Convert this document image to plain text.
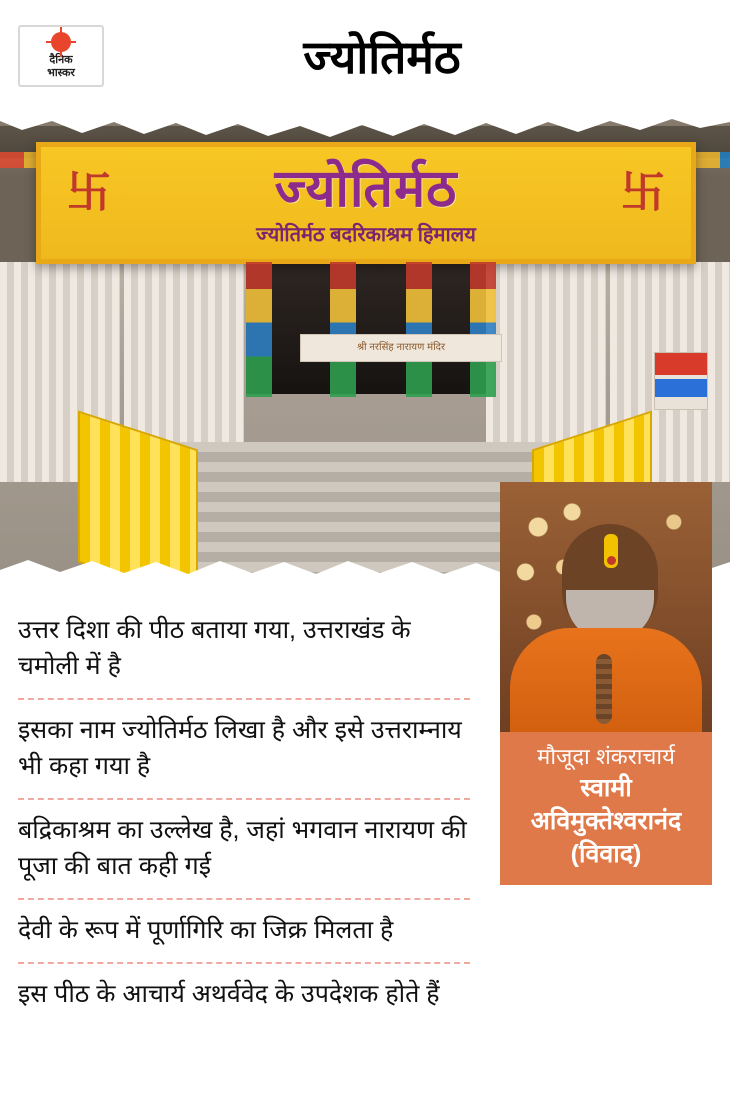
दैनिक
भास्कर	ज्योतिर्मठ
श्री नरसिंह नारायण मंदिर
卐	卐
ज्योतिर्मठ
ज्योतिर्मठ बदरिकाश्रम हिमालय
मौजूदा शंकराचार्य
स्वामी
अविमुक्तेश्वरानंद
(विवाद)
उत्तर दिशा की पीठ बताया गया, उत्तराखंड के चमोली में है
इसका नाम ज्योतिर्मठ लिखा है और इसे उत्तराम्नाय भी कहा गया है
बद्रिकाश्रम का उल्लेख है, जहां भगवान नारायण की पूजा की बात कही गई
देवी के रूप में पूर्णागिरि का जिक्र मिलता है
इस पीठ के आचार्य अथर्ववेद के उपदेशक होते हैं
